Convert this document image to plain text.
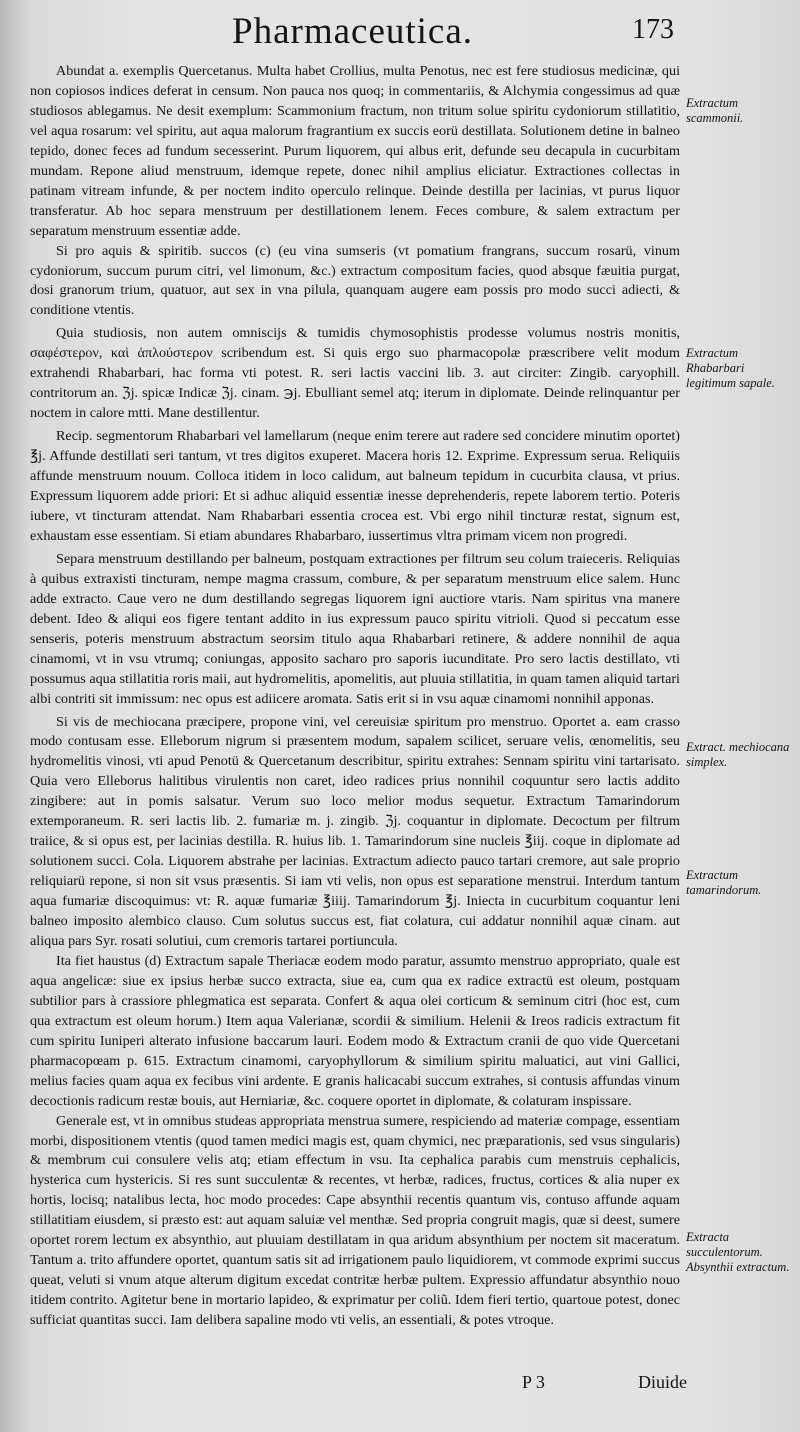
Pharmaceutica.	173

Abundat a. exemplis Quercetanus. Multa habet Crollius, multa Penotus, nec est fere studiosus medicinæ, qui non copiosos indices deferat in censum. Non pauca nos quoq; in commentariis, & Alchymia congessimus ad quæ studiosos ablegamus. Ne desit exemplum: Scammonium fractum, non tritum solue spiritu cydoniorum stillatitio, vel aqua rosarum: vel spiritu, aut aqua malorum fragrantium ex succis eorü destillata. Solutionem detine in balneo tepido, donec feces ad fundum secesserint. Purum liquorem, qui albus erit, defunde seu decapula in cucurbitam mundam. Repone aliud menstruum, idemque repete, donec nihil amplius eliciatur. Extractiones collectas in patinam vitream infunde, & per noctem indito operculo relinque. Deinde destilla per lacinias, vt purus liquor transferatur. Ab hoc separa menstruum per destillationem lenem. Feces combure, & salem extractum per separatum menstruum essentiæ adde.

Si pro aquis & spiritib. succos (c) (eu vina sumseris (vt pomatium frangrans, succum rosarü, vinum cydoniorum, succum purum citri, vel limonum, &c.) extractum compositum facies, quod absque fæuitia purgat, dosi granorum trium, quatuor, aut sex in vna pilula, quanquam augere eam possis pro modo succi adiecti, & conditione vtentis.

Quia studiosis, non autem omniscijs & tumidis chymosophistis prodesse volumus nostris monitis, σαφέστερον, καὶ ἁπλούστερον scribendum est. Si quis ergo suo pharmacopolæ præscribere velit modum extrahendi Rhabarbari, hac forma vti potest. R. seri lactis vaccini lib. 3. aut circiter: Zingib. caryophill. contritorum an. ℨj. spicæ Indicæ ℨj. cinam. ℈j. Ebulliant semel atq; iterum in diplomate. Deinde relinquantur per noctem in calore mtti. Mane destillentur.

Recip. segmentorum Rhabarbari vel lamellarum (neque enim terere aut radere sed concidere minutim oportet) ℥j. Affunde destillati seri tantum, vt tres digitos exuperet. Macera horis 12. Exprime. Expressum serua. Reliquiis affunde menstruum nouum. Colloca itidem in loco calidum, aut balneum tepidum in cucurbita clausa, vt prius. Expressum liquorem adde priori: Et si adhuc aliquid essentiæ inesse deprehenderis, repete laborem tertio. Poteris iubere, vt tincturam attendat. Nam Rhabarbari essentia crocea est. Vbi ergo nihil tincturæ restat, signum est, exhaustam esse essentiam. Si etiam abundares Rhabarbaro, iussertimus vltra primam vicem non progredi.

Separa menstruum destillando per balneum, postquam extractiones per filtrum seu colum traieceris. Reliquias à quibus extraxisti tincturam, nempe magma crassum, combure, & per separatum menstruum elice salem. Hunc adde extracto. Caue vero ne dum destillando segregas liquorem igni auctiore vtaris. Nam spiritus vna manere debent. Ideo & aliqui eos figere tentant addito in ius expressum pauco spiritu vitrioli. Quod si peccatum esse senseris, poteris menstruum abstractum seorsim titulo aqua Rhabarbari retinere, & addere nonnihil de aqua cinamomi, vt in vsu vtrumq; coniungas, apposito sacharo pro saporis iucunditate. Pro sero lactis destillato, vti possumus aqua stillatitia roris maii, aut hydromelitis, apomelitis, aut pluuia stillatitia, in quam tamen aliquid tartari albi contriti sit immissum: nec opus est adiicere aromata. Satis erit si in vsu aquæ cinamomi nonnihil apponas.

Si vis de mechiocana præcipere, propone vini, vel cereuisiæ spiritum pro menstruo. Oportet a. eam crasso modo contusam esse. Elleborum nigrum si præsentem modum, sapalem scilicet, seruare velis, œnomelitis, seu hydromelitis vinosi, vti apud Penotü & Quercetanum describitur, spiritu extrahes: Sennam spiritu vini tartarisato. Quia vero Elleborus halitibus virulentis non caret, ideo radices prius nonnihil coquuntur sero lactis addito zingibere: aut in pomis salsatur. Verum suo loco melior modus sequetur. Extractum Tamarindorum extemporaneum. R. seri lactis lib. 2. fumariæ m. j. zingib. ℨj. coquantur in diplomate. Decoctum per filtrum traiice, & si opus est, per lacinias destilla. R. huius lib. 1. Tamarindorum sine nucleis ℥iij. coque in diplomate ad solutionem succi. Cola. Liquorem abstrahe per lacinias. Extractum adiecto pauco tartari cremore, aut sale proprio reliquiarü repone, si non sit vsus præsentis. Si iam vti velis, non opus est separatione menstrui. Interdum tantum aqua fumariæ discoquimus: vt: R. aquæ fumariæ ℥iiij. Tamarindorum ℥j. Iniecta in cucurbitum coquantur leni balneo imposito alembico clauso. Cum solutus succus est, fiat colatura, cui addatur nonnihil aquæ cinam. aut aliqua pars Syr. rosati solutiui, cum cremoris tartarei portiuncula.

Ita fiet haustus (d) Extractum sapale Theriacæ eodem modo paratur, assumto menstruo appropriato, quale est aqua angelicæ: siue ex ipsius herbæ succo extracta, siue ea, cum qua ex radice extractü est oleum, postquam subtilior pars à crassiore phlegmatica est separata. Confert & aqua olei corticum & seminum citri (hoc est, cum qua extractum est oleum horum.) Item aqua Valerianæ, scordii & similium. Helenii & Ireos radicis extractum fit cum spiritu Iuniperi alterato infusione baccarum lauri. Eodem modo & Extractum cranii de quo vide Quercetani pharmacopœam p. 615. Extractum cinamomi, caryophyllorum & similium spiritu maluatici, aut vini Gallici, melius facies quam aqua ex fecibus vini ardente. E granis halicacabi succum extrahes, si contusis affundas vinum decoctionis radicum restæ bouis, aut Herniariæ, &c. coquere oportet in diplomate, & colaturam inspissare.

Generale est, vt in omnibus studeas appropriata menstrua sumere, respiciendo ad materiæ compage, essentiam morbi, dispositionem vtentis (quod tamen medici magis est, quam chymici, nec præparationis, sed vsus singularis) & membrum cui consulere velis atq; etiam effectum in vsu. Ita cephalica parabis cum menstruis cephalicis, hysterica cum hystericis. Si res sunt succulentæ & recentes, vt herbæ, radices, fructus, cortices & alia nuper ex hortis, locisq; natalibus lecta, hoc modo procedes: Cape absynthii recentis quantum vis, contuso affunde aquam stillatitiam eiusdem, si præsto est: aut aquam saluiæ vel menthæ. Sed propria congruit magis, quæ si deest, sumere oportet rorem lectum ex absynthio, aut pluuiam destillatam in qua aridum absynthium per noctem sit maceratum. Tantum a. trito affundere oportet, quantum satis sit ad irrigationem paulo liquidiorem, vt commode exprimi succus queat, veluti si vnum atque alterum digitum excedat contritæ herbæ pultem. Expressio affundatur absynthio nouo itidem contrito. Agitetur bene in mortario lapideo, & exprimatur per coliũ. Idem fieri tertio, quartoue potest, donec sufficiat quantitas succi. Iam delibera sapaline modo vti velis, an essentiali, & potes vtroque.

Extractum scammonii.
Extractum Rhabarbari legitimum sapale.
Extract. mechiocana simplex.
Extractum tamarindorum.
Extracta succulentorum. Absynthii extractum.
P 3	Diuide
